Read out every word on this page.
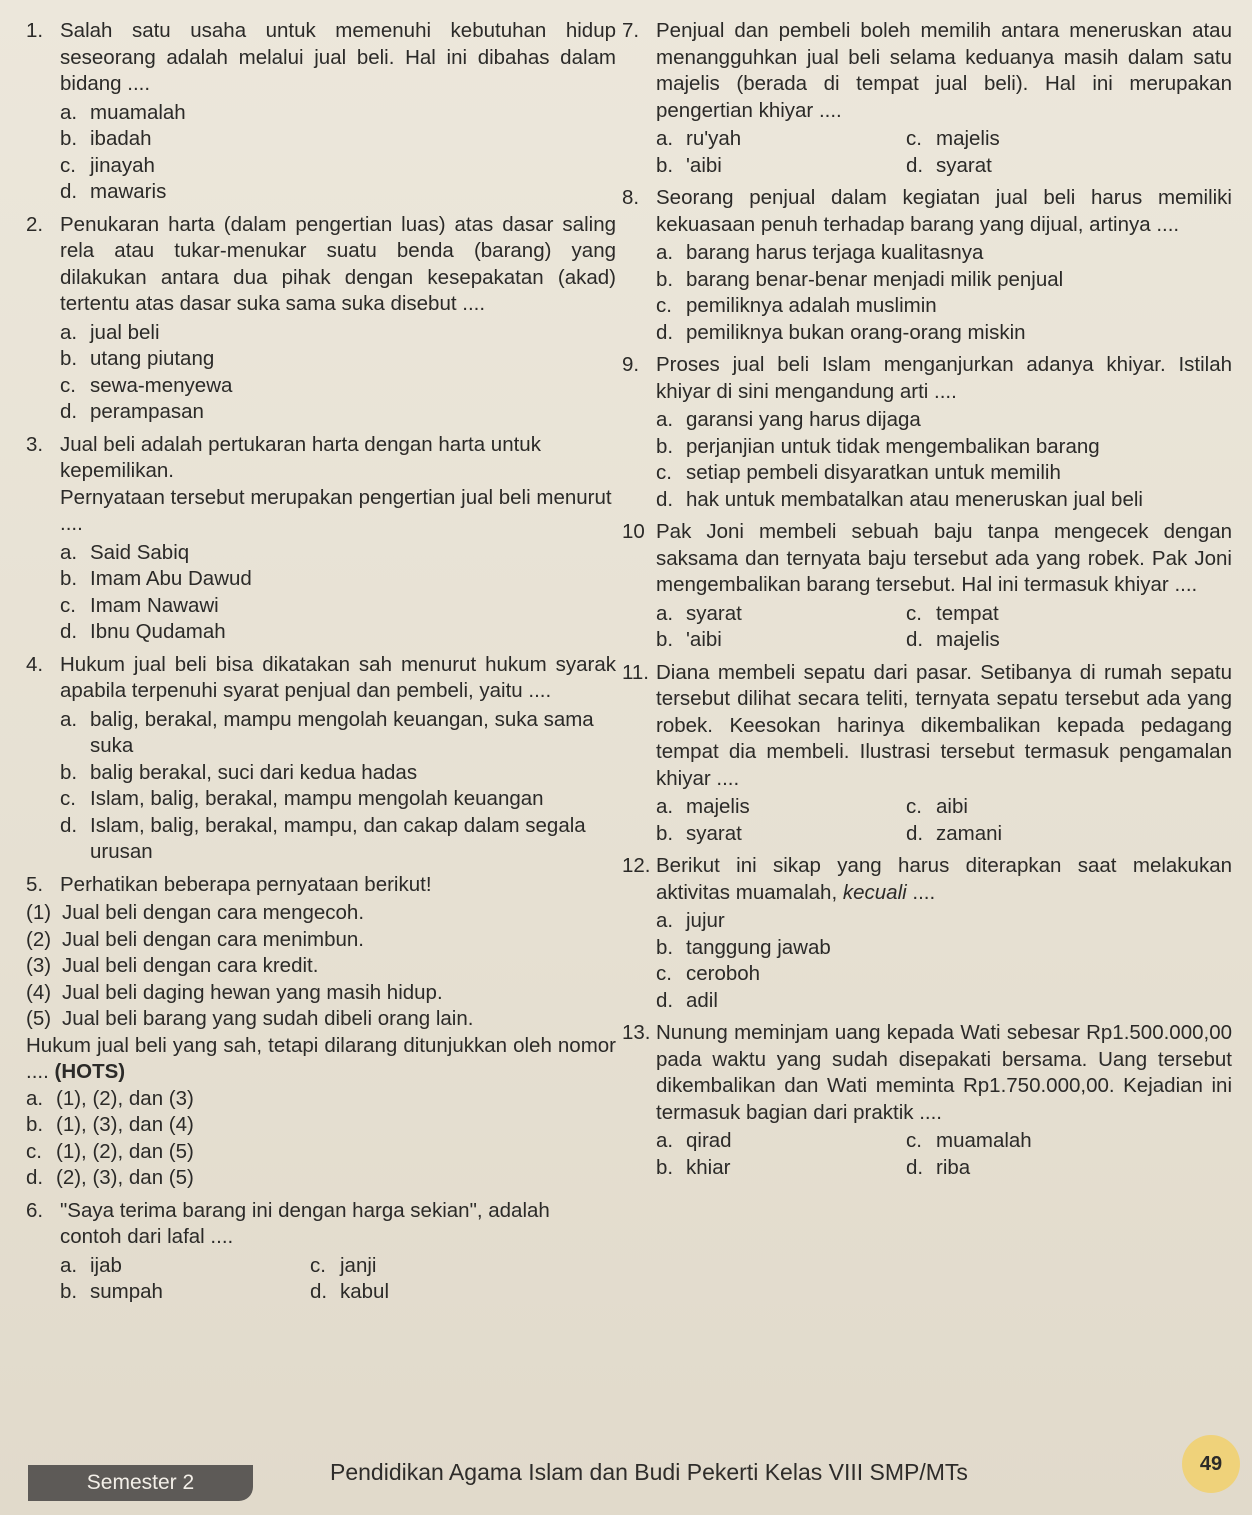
1. Salah satu usaha untuk memenuhi kebutuhan hidup seseorang adalah melalui jual beli. Hal ini dibahas dalam bidang ....

a. muamalah
b. ibadah
c. jinayah
d. mawaris
2. Penukaran harta (dalam pengertian luas) atas dasar saling rela atau tukar-menukar suatu benda (barang) yang dilakukan antara dua pihak dengan kesepakatan (akad) tertentu atas dasar suka sama suka disebut ....

a. jual beli
b. utang piutang
c. sewa-menyewa
d. perampasan
3. Jual beli adalah pertukaran harta dengan harta untuk kepemilikan.

Pernyataan tersebut merupakan pengertian jual beli menurut ....

a. Said Sabiq
b. Imam Abu Dawud
c. Imam Nawawi
d. Ibnu Qudamah
4. Hukum jual beli bisa dikatakan sah menurut hukum syarak apabila terpenuhi syarat penjual dan pembeli, yaitu ....

a. balig, berakal, mampu mengolah keuangan, suka sama suka
b. balig berakal, suci dari kedua hadas
c. Islam, balig, berakal, mampu mengolah keuangan
d. Islam, balig, berakal, mampu, dan cakap dalam segala urusan
5. Perhatikan beberapa pernyataan berikut!

(1) Jual beli dengan cara mengecoh.
(2) Jual beli dengan cara menimbun.
(3) Jual beli dengan cara kredit.
(4) Jual beli daging hewan yang masih hidup.
(5) Jual beli barang yang sudah dibeli orang lain.

Hukum jual beli yang sah, tetapi dilarang ditunjukkan oleh nomor .... (HOTS)

a. (1), (2), dan (3)
b. (1), (3), dan (4)
c. (1), (2), dan (5)
d. (2), (3), dan (5)
6. "Saya terima barang ini dengan harga sekian", adalah contoh dari lafal ....

a. ijab	c. janji
b. sumpah	d. kabul
7. Penjual dan pembeli boleh memilih antara meneruskan atau menangguhkan jual beli selama keduanya masih dalam satu majelis (berada di tempat jual beli). Hal ini merupakan pengertian khiyar ....

a. ru'yah	c. majelis
b. 'aibi	d. syarat
8. Seorang penjual dalam kegiatan jual beli harus memiliki kekuasaan penuh terhadap barang yang dijual, artinya ....

a. barang harus terjaga kualitasnya
b. barang benar-benar menjadi milik penjual
c. pemiliknya adalah muslimin
d. pemiliknya bukan orang-orang miskin
9. Proses jual beli Islam menganjurkan adanya khiyar. Istilah khiyar di sini mengandung arti ....

a. garansi yang harus dijaga
b. perjanjian untuk tidak mengembalikan barang
c. setiap pembeli disyaratkan untuk memilih
d. hak untuk membatalkan atau meneruskan jual beli
10 Pak Joni membeli sebuah baju tanpa mengecek dengan saksama dan ternyata baju tersebut ada yang robek. Pak Joni mengembalikan barang tersebut. Hal ini termasuk khiyar ....

a. syarat	c. tempat
b. 'aibi	d. majelis
11. Diana membeli sepatu dari pasar. Setibanya di rumah sepatu tersebut dilihat secara teliti, ternyata sepatu tersebut ada yang robek. Keesokan harinya dikembalikan kepada pedagang tempat dia membeli. Ilustrasi tersebut termasuk pengamalan khiyar ....

a. majelis	c. aibi
b. syarat	d. zamani
12. Berikut ini sikap yang harus diterapkan saat melakukan aktivitas muamalah, kecuali ....

a. jujur
b. tanggung jawab
c. ceroboh
d. adil
13. Nunung meminjam uang kepada Wati sebesar Rp1.500.000,00 pada waktu yang sudah disepakati bersama. Uang tersebut dikembalikan dan Wati meminta Rp1.750.000,00. Kejadian ini termasuk bagian dari praktik ....

a. qirad	c. muamalah
b. khiar	d. riba
Semester 2	Pendidikan Agama Islam dan Budi Pekerti Kelas VIII SMP/MTs	49
